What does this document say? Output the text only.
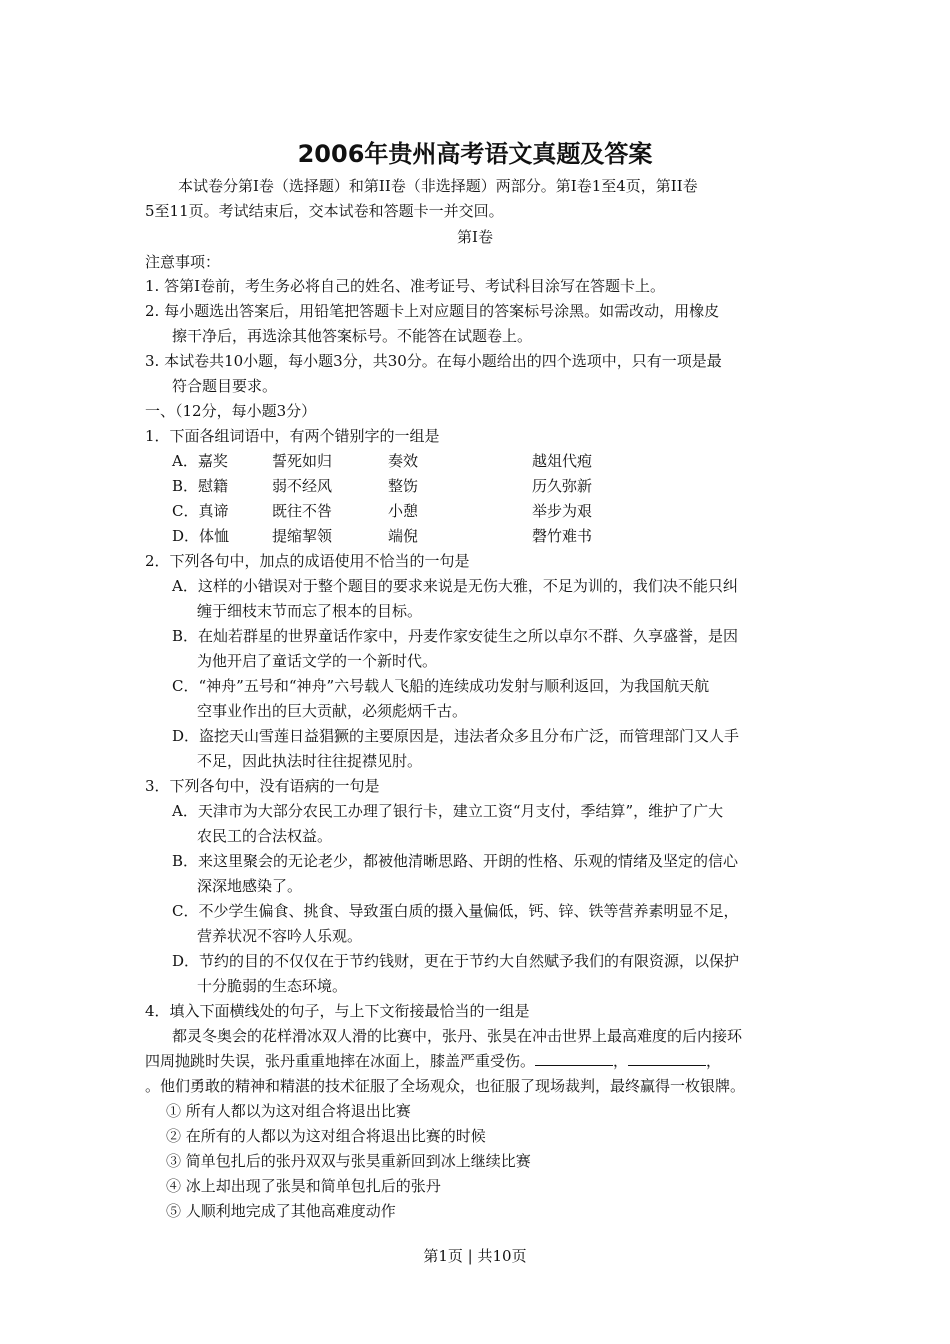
2006年贵州高考语文真题及答案
本试卷分第I卷（选择题）和第II卷（非选择题）两部分。第I卷1至4页，第II卷
5至11页。考试结束后，交本试卷和答题卡一并交回。
第I卷
注意事项：
1. 答第I卷前，考生务必将自己的姓名、准考证号、考试科目涂写在答题卡上。
2. 每小题选出答案后，用铅笔把答题卡上对应题目的答案标号涂黑。如需改动，用橡皮
擦干净后，再选涂其他答案标号。不能答在试题卷上。
3. 本试卷共10小题，每小题3分，共30分。在每小题给出的四个选项中，只有一项是最
符合题目要求。
一、（12分，每小题3分）
1．下面各组词语中，有两个错别字的一组是
A．嘉奖	誓死如归	奏效	越俎代疱
B．慰籍	弱不经风	整饬	历久弥新
C．真谛	既往不咎	小憩	举步为艰
D．体恤	提缩挈领	端倪	磬竹难书
2．下列各句中，加点的成语使用不恰当的一句是
A．这样的小错误对于整个题目的要求来说是无伤大雅，不足为训的，我们决不能只纠
缠于细枝末节而忘了根本的目标。
B．在灿若群星的世界童话作家中，丹麦作家安徒生之所以卓尔不群、久享盛誉，是因
为他开启了童话文学的一个新时代。
C．“神舟”五号和“神舟”六号载人飞船的连续成功发射与顺利返回，为我国航天航
空事业作出的巨大贡献，必须彪炳千古。
D．盗挖天山雪莲日益猖獗的主要原因是，违法者众多且分布广泛，而管理部门又人手
不足，因此执法时往往捉襟见肘。
3．下列各句中，没有语病的一句是
A．天津市为大部分农民工办理了银行卡，建立工资“月支付，季结算”，维护了广大
农民工的合法权益。
B．来这里聚会的无论老少，都被他清晰思路、开朗的性格、乐观的情绪及坚定的信心
深深地感染了。
C．不少学生偏食、挑食、导致蛋白质的摄入量偏低，钙、锌、铁等营养素明显不足，
营养状况不容吟人乐观。
D．节约的目的不仅仅在于节约钱财，更在于节约大自然赋予我们的有限资源，以保护
十分脆弱的生态环境。
4．填入下面横线处的句子，与上下文衔接最恰当的一组是
都灵冬奥会的花样滑冰双人滑的比赛中，张丹、张昊在冲击世界上最高难度的后内接环
四周抛跳时失误，张丹重重地摔在冰面上，膝盖严重受伤。	，	，
。他们勇敢的精神和精湛的技术征服了全场观众，也征服了现场裁判，最终赢得一枚银牌。
① 所有人都以为这对组合将退出比赛
② 在所有的人都以为这对组合将退出比赛的时候
③ 简单包扎后的张丹双双与张昊重新回到冰上继续比赛
④ 冰上却出现了张昊和简单包扎后的张丹
⑤ 人顺利地完成了其他高难度动作
第1页 | 共10页
